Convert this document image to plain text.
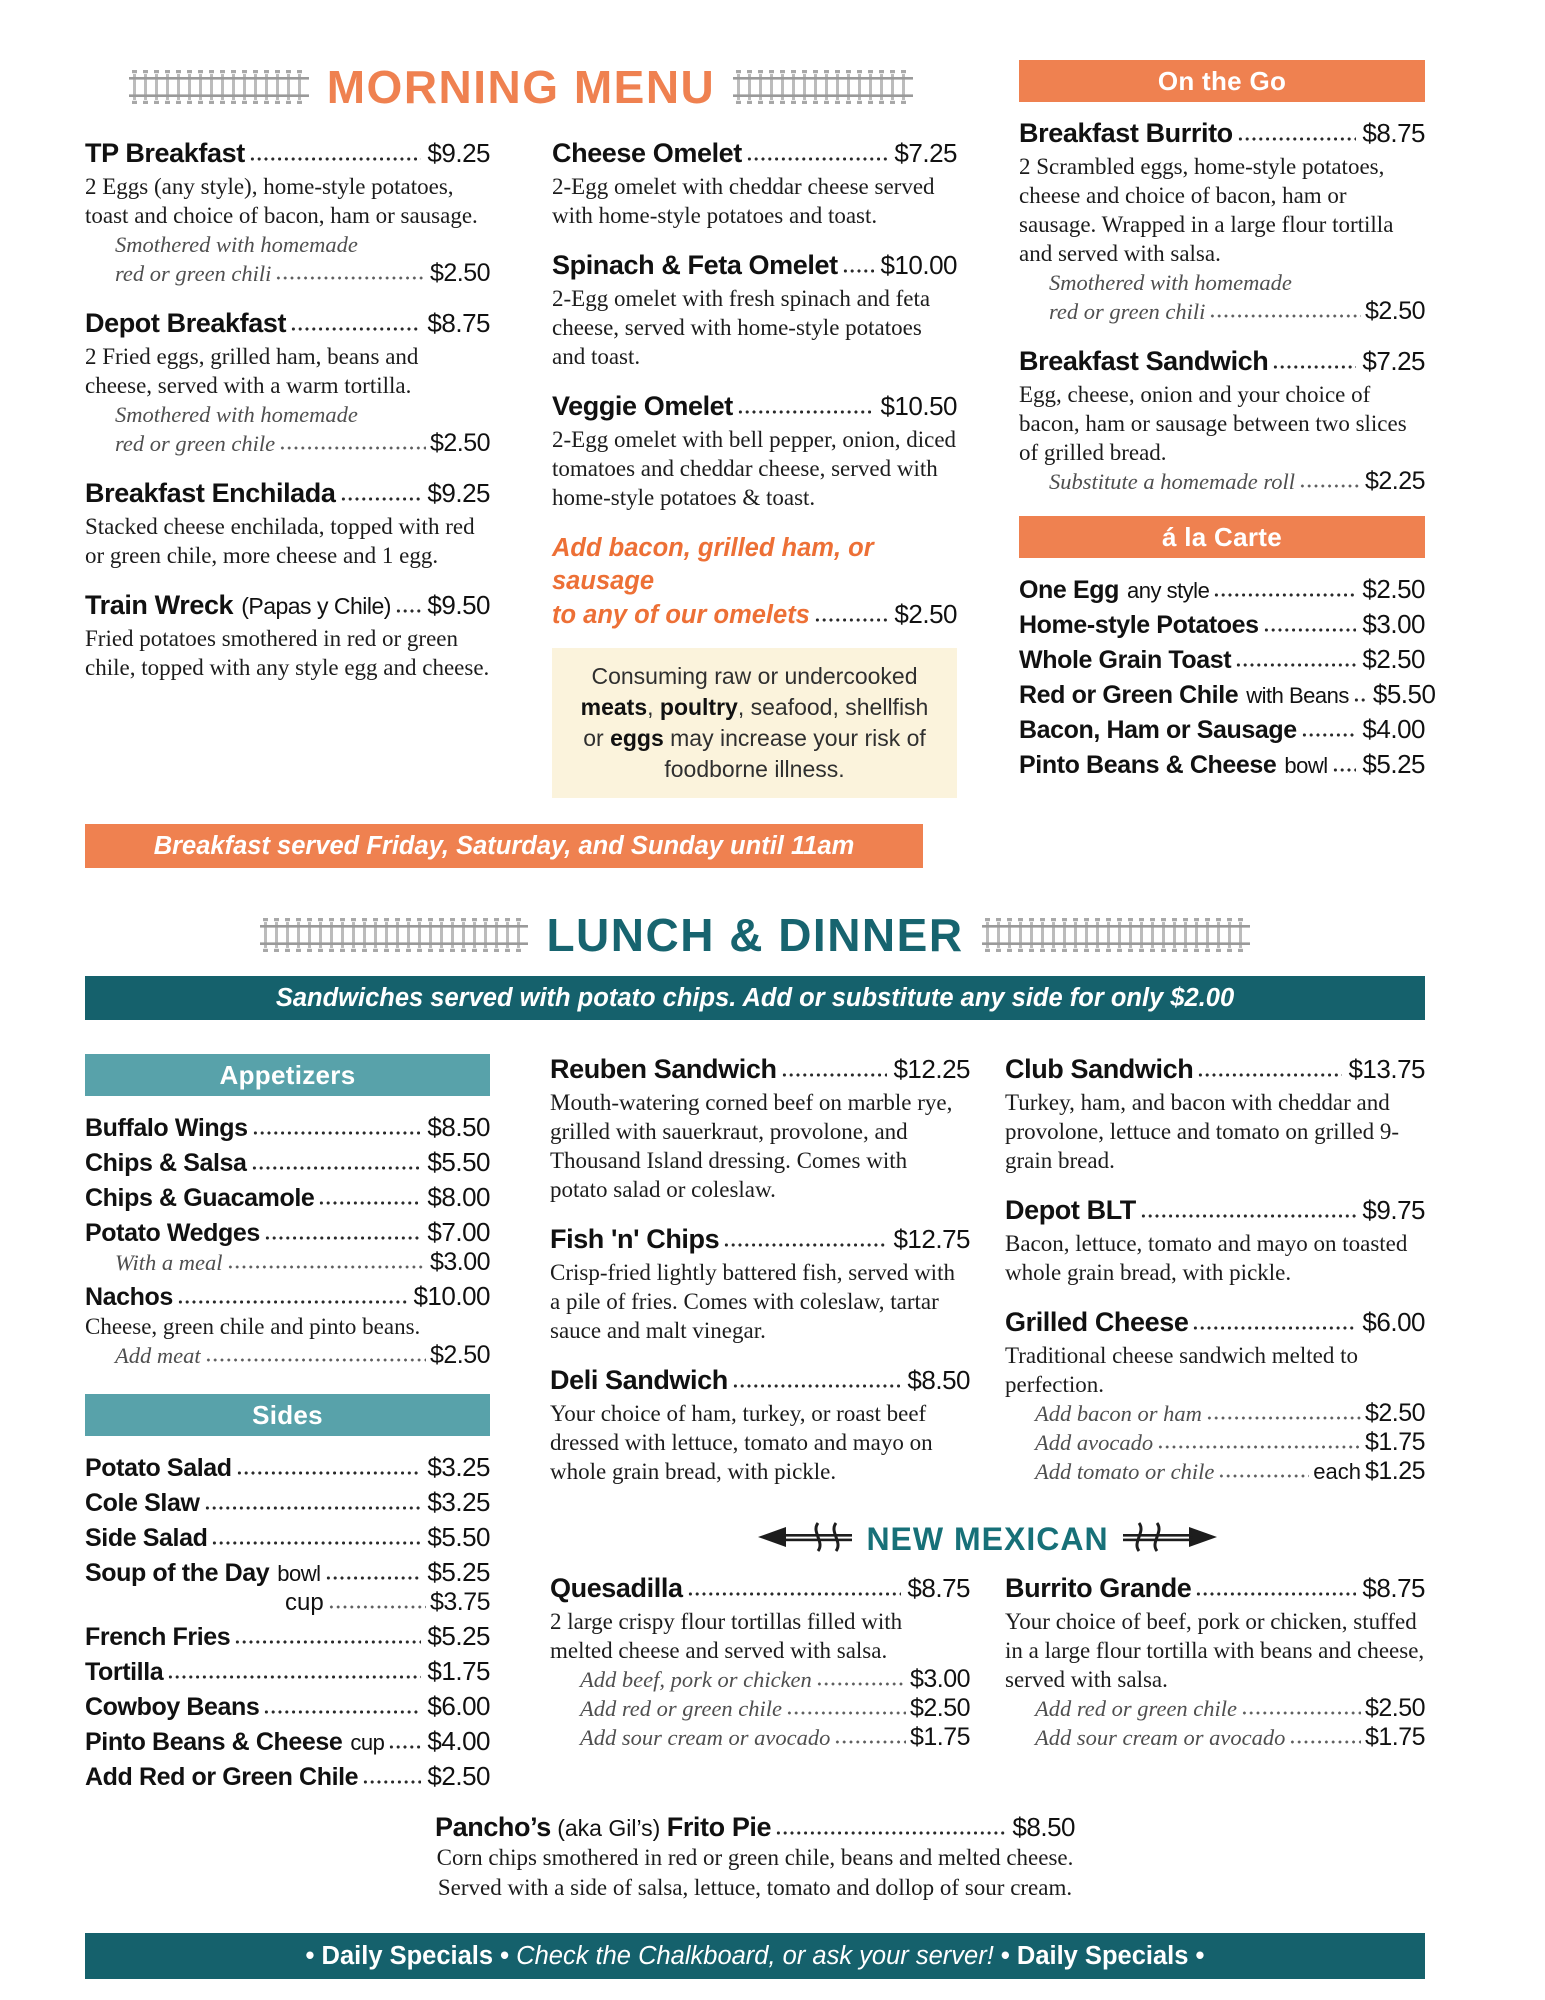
MORNING MENU
TP Breakfast	$9.25
2 Eggs (any style), home-style potatoes, toast and choice of bacon, ham or sausage.
Smothered with homemade
red or green chili	$2.50
Depot Breakfast	$8.75
2 Fried eggs, grilled ham, beans and cheese, served with a warm tortilla.
Smothered with homemade
red or green chile	$2.50
Breakfast Enchilada	$9.25
Stacked cheese enchilada, topped with red or green chile, more cheese and 1 egg.
Train Wreck (Papas y Chile) $9.50
Fried potatoes smothered in red or green chile, topped with any style egg and cheese.
Cheese Omelet	$7.25
2-Egg omelet with cheddar cheese served with home-style potatoes and toast.
Spinach & Feta Omelet $10.00
2-Egg omelet with fresh spinach and feta cheese, served with home-style potatoes and toast.
Veggie Omelet	$10.50
2-Egg omelet with bell pepper, onion, diced tomatoes and cheddar cheese, served with home-style potatoes & toast.
Add bacon, grilled ham, or sausage
to any of our omelets	$2.50
Consuming raw or undercooked meats, poultry, seafood, shellfish or eggs may increase your risk of foodborne illness.
Breakfast served Friday, Saturday, and Sunday until 11am
On the Go
Breakfast Burrito	$8.75
2 Scrambled eggs, home-style potatoes, cheese and choice of bacon, ham or sausage. Wrapped in a large flour tortilla and served with salsa.
Smothered with homemade
red or green chili	$2.50
Breakfast Sandwich	$7.25
Egg, cheese, onion and your choice of bacon, ham or sausage between two slices of grilled bread.
Substitute a homemade roll	$2.25
á la Carte
One Egg any style	$2.50
Home-style Potatoes	$3.00
Whole Grain Toast	$2.50
Red or Green Chile with Beans $5.50
Bacon, Ham or Sausage	$4.00
Pinto Beans & Cheese bowl $5.25
LUNCH & DINNER
Sandwiches served with potato chips. Add or substitute any side for only $2.00
Appetizers
Buffalo Wings	$8.50
Chips & Salsa	$5.50
Chips & Guacamole	$8.00
Potato Wedges	$7.00
With a meal	$3.00
Nachos	$10.00
Cheese, green chile and pinto beans.
Add meat	$2.50
Sides
Potato Salad	$3.25
Cole Slaw	$3.25
Side Salad	$5.50
Soup of the Day bowl	$5.25
cup	$3.75
French Fries	$5.25
Tortilla	$1.75
Cowboy Beans	$6.00
Pinto Beans & Cheese cup $4.00
Add Red or Green Chile	$2.50
Reuben Sandwich	$12.25
Mouth-watering corned beef on marble rye, grilled with sauerkraut, provolone, and Thousand Island dressing. Comes with potato salad or coleslaw.
Fish 'n' Chips	$12.75
Crisp-fried lightly battered fish, served with a pile of fries. Comes with coleslaw, tartar sauce and malt vinegar.
Deli Sandwich	$8.50
Your choice of ham, turkey, or roast beef dressed with lettuce, tomato and mayo on whole grain bread, with pickle.
Club Sandwich	$13.75
Turkey, ham, and bacon with cheddar and provolone, lettuce and tomato on grilled 9-grain bread.
Depot BLT	$9.75
Bacon, lettuce, tomato and mayo on toasted whole grain bread, with pickle.
Grilled Cheese	$6.00
Traditional cheese sandwich melted to perfection.
Add bacon or ham	$2.50
Add avocado	$1.75
Add tomato or chile	each $1.25
NEW MEXICAN
Quesadilla	$8.75
2 large crispy flour tortillas filled with melted cheese and served with salsa.
Add beef, pork or chicken	$3.00
Add red or green chile	$2.50
Add sour cream or avocado	$1.75
Burrito Grande	$8.75
Your choice of beef, pork or chicken, stuffed in a large flour tortilla with beans and cheese, served with salsa.
Add red or green chile	$2.50
Add sour cream or avocado	$1.75
Pancho’s (aka Gil’s) Frito Pie	$8.50
Corn chips smothered in red or green chile, beans and melted cheese.
Served with a side of salsa, lettuce, tomato and dollop of sour cream.
• Daily Specials • Check the Chalkboard, or ask your server! • Daily Specials •
